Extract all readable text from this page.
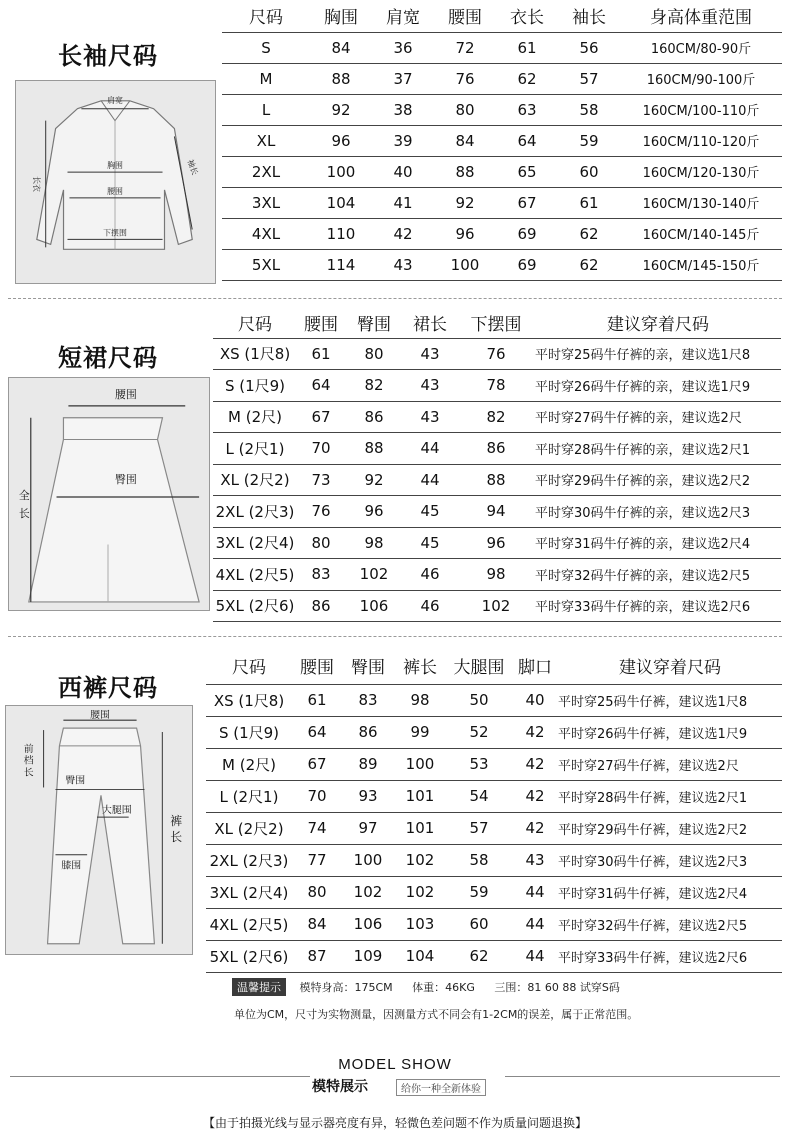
长袖尺码
肩宽
胸围
腰围
下摆围
袖长
长衣
尺码	胸围	肩宽	腰围	衣长	袖长	身高体重范围
S	84	36	72	61	56	160CM/80-90斤
M	88	37	76	62	57	160CM/90-100斤
L	92	38	80	63	58	160CM/100-110斤
XL	96	39	84	64	59	160CM/110-120斤
2XL	100	40	88	65	60	160CM/120-130斤
3XL	104	41	92	67	61	160CM/130-140斤
4XL	110	42	96	69	62	160CM/140-145斤
5XL	114	43	100	69	62	160CM/145-150斤
短裙尺码
腰围
臀围
全
长
尺码	腰围	臀围	裙长	下摆围	建议穿着尺码
XS (1尺8)	61	80	43	76	平时穿25码牛仔裤的亲，建议选1尺8
S (1尺9)	64	82	43	78	平时穿26码牛仔裤的亲，建议选1尺9
M (2尺)	67	86	43	82	平时穿27码牛仔裤的亲，建议选2尺
L (2尺1)	70	88	44	86	平时穿28码牛仔裤的亲，建议选2尺1
XL (2尺2)	73	92	44	88	平时穿29码牛仔裤的亲，建议选2尺2
2XL (2尺3)	76	96	45	94	平时穿30码牛仔裤的亲，建议选2尺3
3XL (2尺4)	80	98	45	96	平时穿31码牛仔裤的亲，建议选2尺4
4XL (2尺5)	83	102	46	98	平时穿32码牛仔裤的亲，建议选2尺5
5XL (2尺6)	86	106	46	102	平时穿33码牛仔裤的亲，建议选2尺6
西裤尺码
腰围
前
档
长
臀围
大腿围
裤
长
膝围
尺码	腰围	臀围	裤长	大腿围	脚口	建议穿着尺码
XS (1尺8)	61	83	98	50	40	平时穿25码牛仔裤，建议选1尺8
S (1尺9)	64	86	99	52	42	平时穿26码牛仔裤，建议选1尺9
M (2尺)	67	89	100	53	42	平时穿27码牛仔裤，建议选2尺
L (2尺1)	70	93	101	54	42	平时穿28码牛仔裤，建议选2尺1
XL (2尺2)	74	97	101	57	42	平时穿29码牛仔裤，建议选2尺2
2XL (2尺3)	77	100	102	58	43	平时穿30码牛仔裤，建议选2尺3
3XL (2尺4)	80	102	102	59	44	平时穿31码牛仔裤，建议选2尺4
4XL (2尺5)	84	106	103	60	44	平时穿32码牛仔裤，建议选2尺5
5XL (2尺6)	87	109	104	62	44	平时穿33码牛仔裤，建议选2尺6
温馨提示 模特身高：175CM 体重：46KG 三围：81 60 88 试穿S码
单位为CM，尺寸为实物测量，因测量方式不同会有1-2CM的误差，属于正常范围。
MODEL SHOW
模特展示	给你一种全新体验
【由于拍摄光线与显示器亮度有异，轻微色差问题不作为质量问题退换】
